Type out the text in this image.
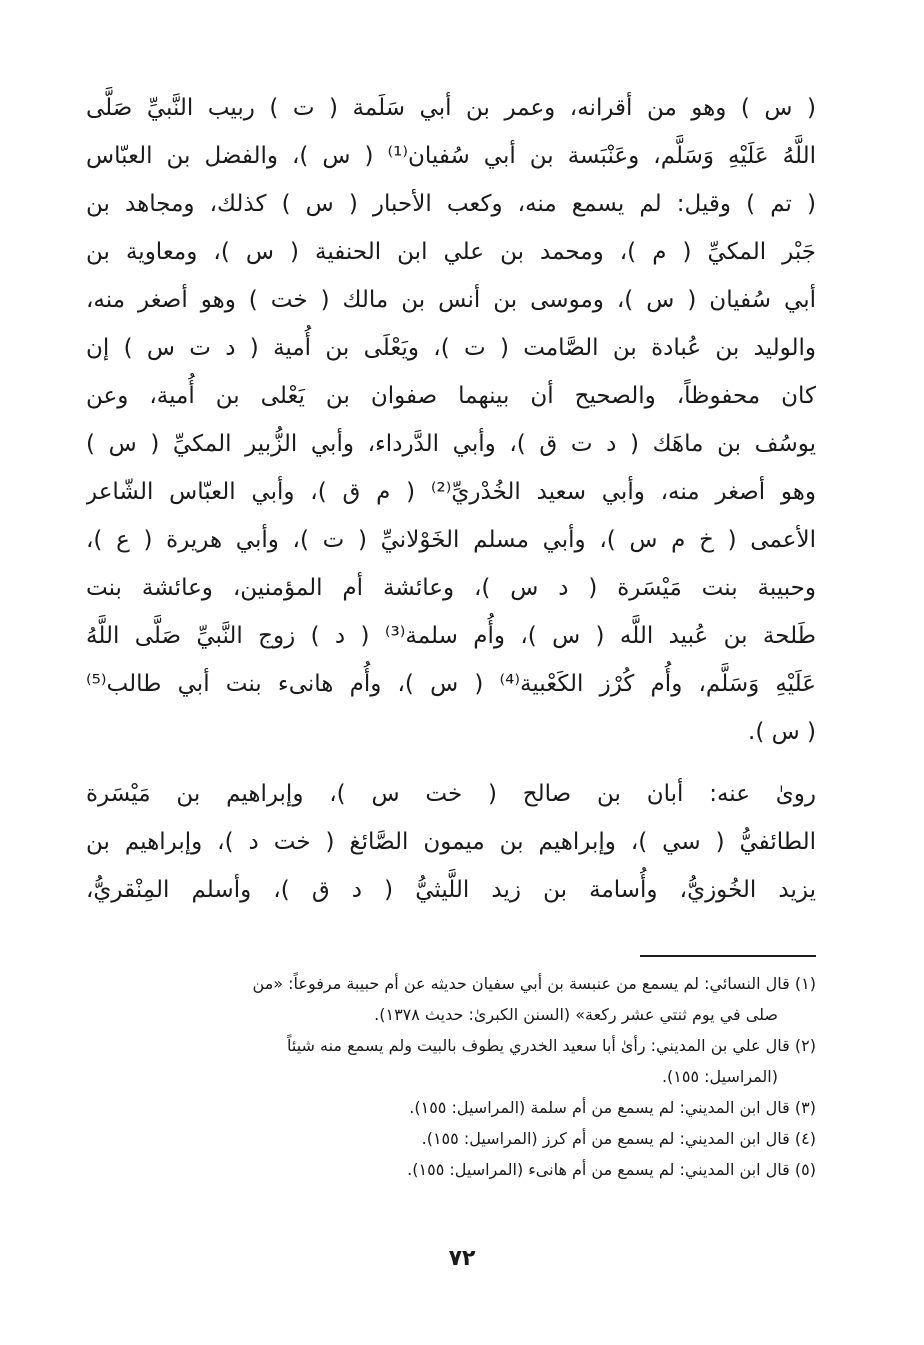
( س ) وهو من أقرانه، وعمر بن أبي سَلَمة ( ت ) ربيب النَّبيِّ صَلَّى
اللَّهُ عَلَيْهِ وَسَلَّم، وعَنْبَسة بن أبي سُفيان⁽¹⁾ ( س )، والفضل بن العبّاس
( تم ) وقيل: لم يسمع منه، وكعب الأحبار ( س ) كذلك، ومجاهد بن
جَبْر المكيِّ ( م )، ومحمد بن علي ابن الحنفية ( س )، ومعاوية بن
أبي سُفيان ( س )، وموسى بن أنس بن مالك ( خت ) وهو أصغر منه،
والوليد بن عُبادة بن الصَّامت ( ت )، ويَعْلَى بن أُمية ( د ت س ) إن
كان محفوظاً، والصحيح أن بينهما صفوان بن يَعْلى بن أُمية، وعن
يوسُف بن ماهَك ( د ت ق )، وأبي الدَّرداء، وأبي الزُّبير المكيِّ ( س )
وهو أصغر منه، وأبي سعيد الخُدْريِّ⁽²⁾ ( م ق )، وأبي العبّاس الشّاعر
الأعمى ( خ م س )، وأبي مسلم الخَوْلانيِّ ( ت )، وأبي هريرة ( ع )،
وحبيبة بنت مَيْسَرة ( د س )، وعائشة أم المؤمنين، وعائشة بنت
طَلحة بن عُبيد اللَّه ( س )، وأُم سلمة⁽³⁾ ( د ) زوج النَّبيِّ صَلَّى اللَّهُ
عَلَيْهِ وَسَلَّم، وأُم كُرْز الكَعْبية⁽⁴⁾ ( س )، وأُم هانىء بنت أبي طالب⁽⁵⁾
( س ).
روىٰ عنه: أبان بن صالح ( خت س )، وإبراهيم بن مَيْسَرة
الطائفيُّ ( سي )، وإبراهيم بن ميمون الصَّائغ ( خت د )، وإبراهيم بن
يزيد الخُوزيُّ، وأُسامة بن زيد اللَّيثيُّ ( د ق )، وأسلم المِنْقريُّ،
(١) قال النسائي: لم يسمع من عنبسة بن أبي سفيان حديثه عن أم حبيبة مرفوعاً: «من
صلى في يوم ثنتي عشر ركعة» (السنن الكبرىٰ: حديث ١٣٧٨).
(٢) قال علي بن المديني: رأىٰ أبا سعيد الخدري يطوف بالبيت ولم يسمع منه شيئاً
(المراسيل: ١٥٥).
(٣) قال ابن المديني: لم يسمع من أم سلمة (المراسيل: ١٥٥).
(٤) قال ابن المديني: لم يسمع من أم كرز (المراسيل: ١٥٥).
(٥) قال ابن المديني: لم يسمع من أم هانىء (المراسيل: ١٥٥).
٧٢
